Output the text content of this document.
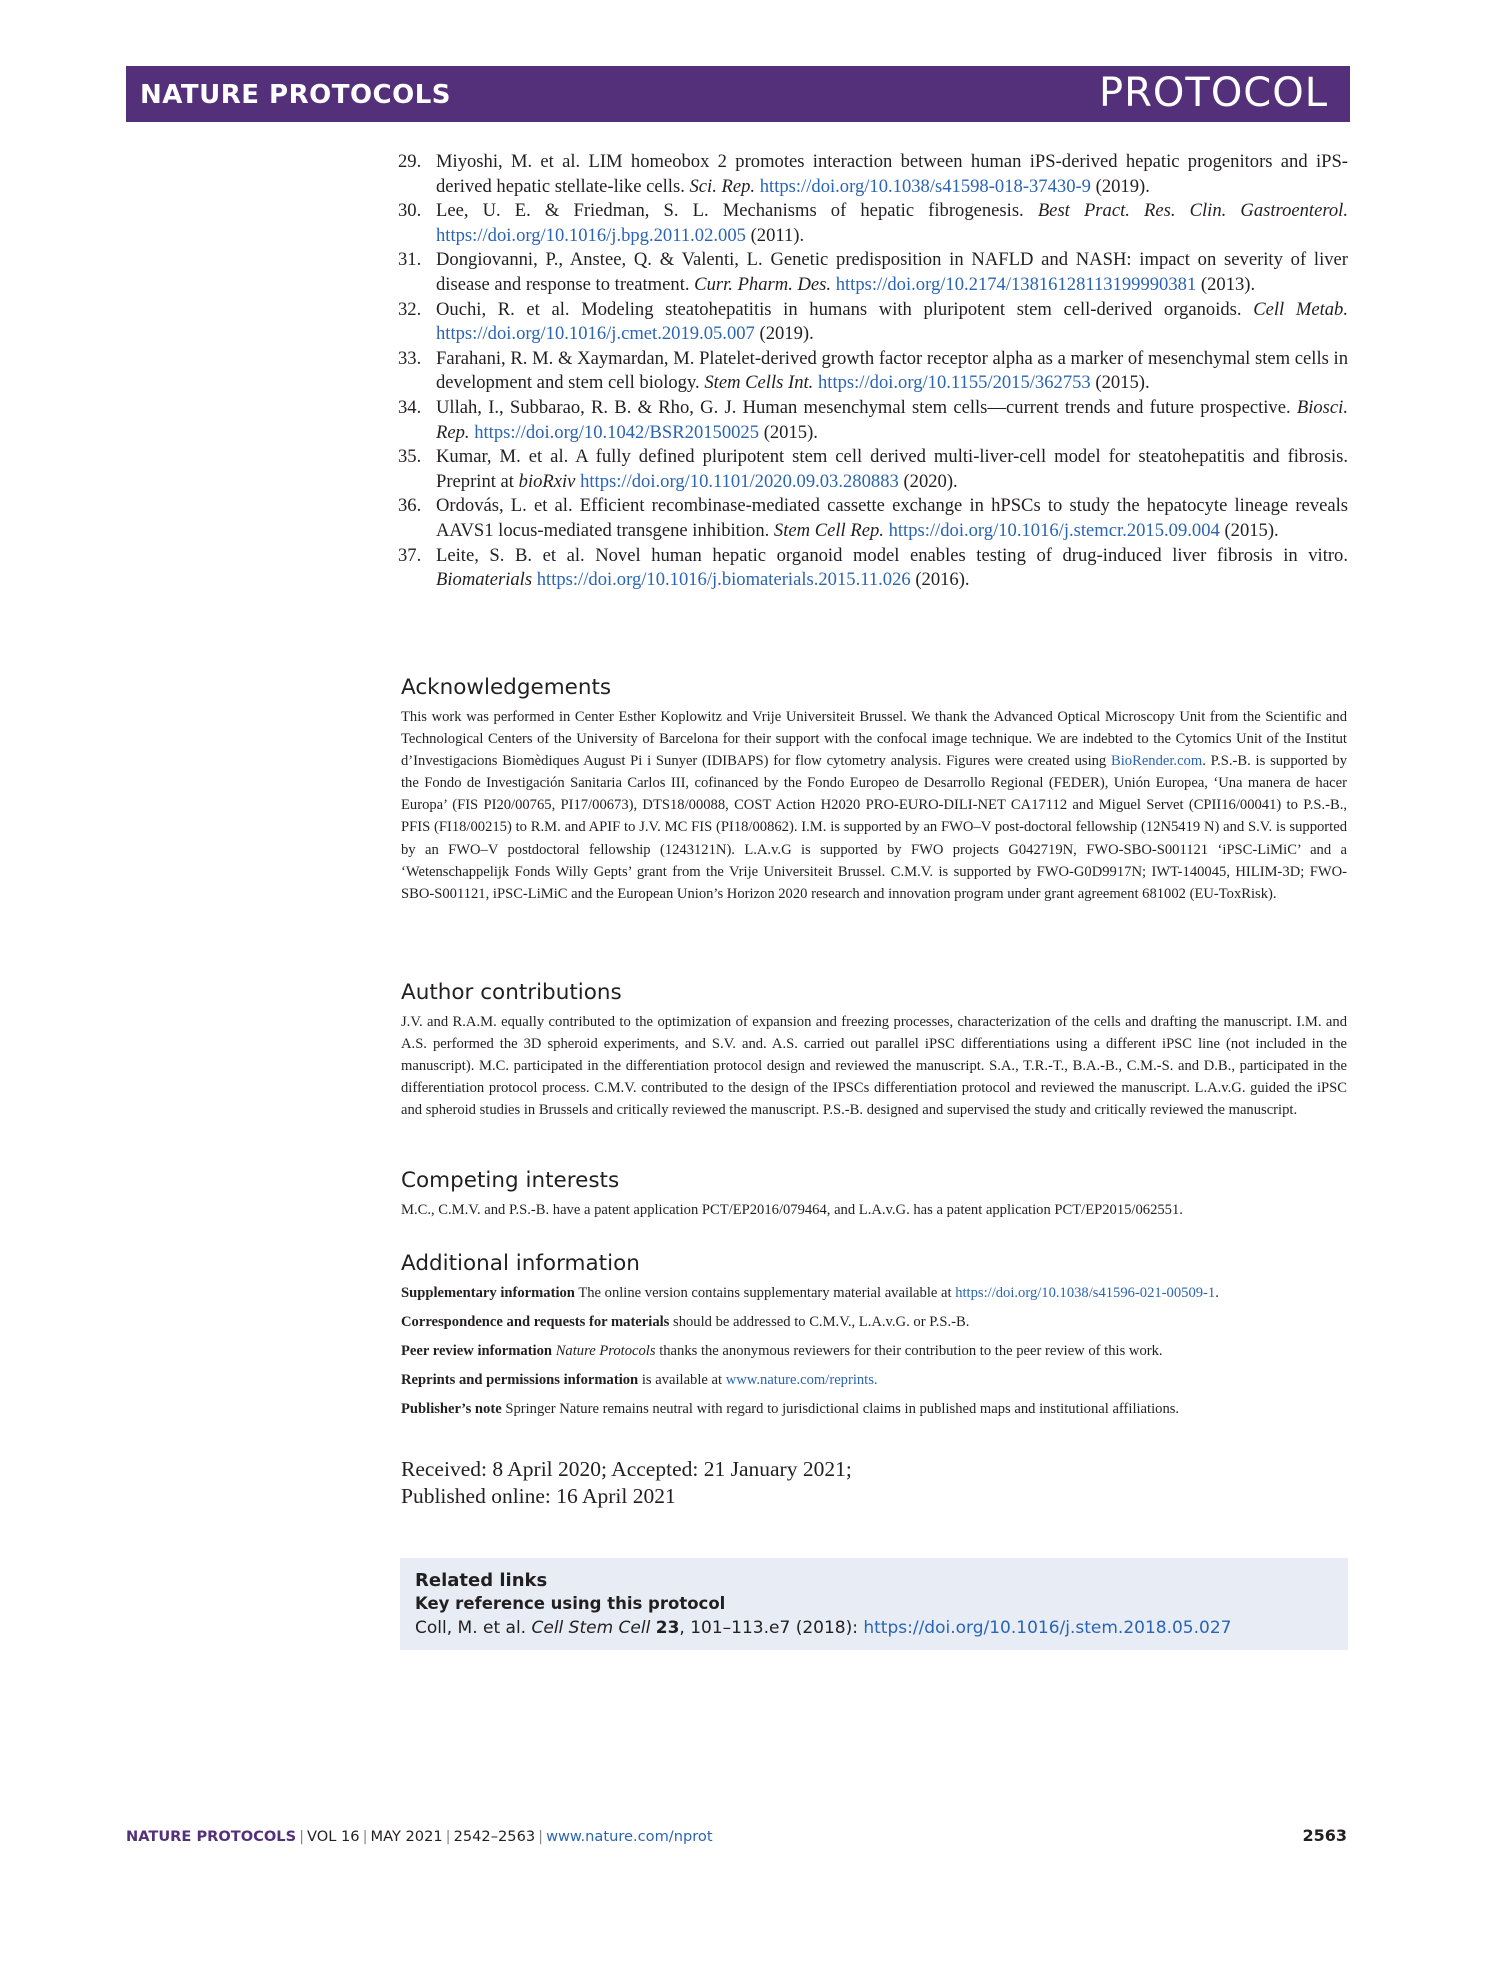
NATURE PROTOCOLS	PROTOCOL
29. Miyoshi, M. et al. LIM homeobox 2 promotes interaction between human iPS-derived hepatic progenitors and iPS-derived hepatic stellate-like cells. Sci. Rep. https://doi.org/10.1038/s41598-018-37430-9 (2019).
30. Lee, U. E. & Friedman, S. L. Mechanisms of hepatic fibrogenesis. Best Pract. Res. Clin. Gastroenterol. https://doi.org/10.1016/j.bpg.2011.02.005 (2011).
31. Dongiovanni, P., Anstee, Q. & Valenti, L. Genetic predisposition in NAFLD and NASH: impact on severity of liver disease and response to treatment. Curr. Pharm. Des. https://doi.org/10.2174/13816128113199990381 (2013).
32. Ouchi, R. et al. Modeling steatohepatitis in humans with pluripotent stem cell-derived organoids. Cell Metab. https://doi.org/10.1016/j.cmet.2019.05.007 (2019).
33. Farahani, R. M. & Xaymardan, M. Platelet-derived growth factor receptor alpha as a marker of mesenchymal stem cells in development and stem cell biology. Stem Cells Int. https://doi.org/10.1155/2015/362753 (2015).
34. Ullah, I., Subbarao, R. B. & Rho, G. J. Human mesenchymal stem cells—current trends and future prospective. Biosci. Rep. https://doi.org/10.1042/BSR20150025 (2015).
35. Kumar, M. et al. A fully defined pluripotent stem cell derived multi-liver-cell model for steatohepatitis and fibrosis. Preprint at bioRxiv https://doi.org/10.1101/2020.09.03.280883 (2020).
36. Ordovás, L. et al. Efficient recombinase-mediated cassette exchange in hPSCs to study the hepatocyte lineage reveals AAVS1 locus-mediated transgene inhibition. Stem Cell Rep. https://doi.org/10.1016/j.stemcr.2015.09.004 (2015).
37. Leite, S. B. et al. Novel human hepatic organoid model enables testing of drug-induced liver fibrosis in vitro. Biomaterials https://doi.org/10.1016/j.biomaterials.2015.11.026 (2016).
Acknowledgements

This work was performed in Center Esther Koplowitz and Vrije Universiteit Brussel. We thank the Advanced Optical Microscopy Unit from the Scientific and Technological Centers of the University of Barcelona for their support with the confocal image technique. We are indebted to the Cytomics Unit of the Institut d’Investigacions Biomèdiques August Pi i Sunyer (IDIBAPS) for flow cytometry analysis. Figures were created using BioRender.com. P.S.-B. is supported by the Fondo de Investigación Sanitaria Carlos III, cofinanced by the Fondo Europeo de Desarrollo Regional (FEDER), Unión Europea, ‘Una manera de hacer Europa’ (FIS PI20/00765, PI17/00673), DTS18/00088, COST Action H2020 PRO-EURO-DILI-NET CA17112 and Miguel Servet (CPII16/00041) to P.S.-B., PFIS (FI18/00215) to R.M. and APIF to J.V. MC FIS (PI18/00862). I.M. is supported by an FWO–V post-doctoral fellowship (12N5419 N) and S.V. is supported by an FWO–V postdoctoral fellowship (1243121N). L.A.v.G is supported by FWO projects G042719N, FWO-SBO-S001121 ‘iPSC-LiMiC’ and a ‘Wetenschappelijk Fonds Willy Gepts’ grant from the Vrije Universiteit Brussel. C.M.V. is supported by FWO-G0D9917N; IWT-140045, HILIM-3D; FWO-SBO-S001121, iPSC-LiMiC and the European Union’s Horizon 2020 research and innovation program under grant agreement 681002 (EU-ToxRisk).

Author contributions

J.V. and R.A.M. equally contributed to the optimization of expansion and freezing processes, characterization of the cells and drafting the manuscript. I.M. and A.S. performed the 3D spheroid experiments, and S.V. and. A.S. carried out parallel iPSC differentiations using a different iPSC line (not included in the manuscript). M.C. participated in the differentiation protocol design and reviewed the manuscript. S.A., T.R.-T., B.A.-B., C.M.-S. and D.B., participated in the differentiation protocol process. C.M.V. contributed to the design of the IPSCs differentiation protocol and reviewed the manuscript. L.A.v.G. guided the iPSC and spheroid studies in Brussels and critically reviewed the manuscript. P.S.-B. designed and supervised the study and critically reviewed the manuscript.

Competing interests

M.C., C.M.V. and P.S.-B. have a patent application PCT/EP2016/079464, and L.A.v.G. has a patent application PCT/EP2015/062551.

Additional information

Supplementary information The online version contains supplementary material available at https://doi.org/10.1038/s41596-021-00509-1.

Correspondence and requests for materials should be addressed to C.M.V., L.A.v.G. or P.S.-B.

Peer review information Nature Protocols thanks the anonymous reviewers for their contribution to the peer review of this work.

Reprints and permissions information is available at www.nature.com/reprints.

Publisher’s note Springer Nature remains neutral with regard to jurisdictional claims in published maps and institutional affiliations.

Received: 8 April 2020; Accepted: 21 January 2021;
Published online: 16 April 2021
Related links
Key reference using this protocol
Coll, M. et al. Cell Stem Cell 23, 101–113.e7 (2018): https://doi.org/10.1016/j.stem.2018.05.027
NATURE PROTOCOLS | VOL 16 | MAY 2021 | 2542–2563 | www.nature.com/nprot	2563
